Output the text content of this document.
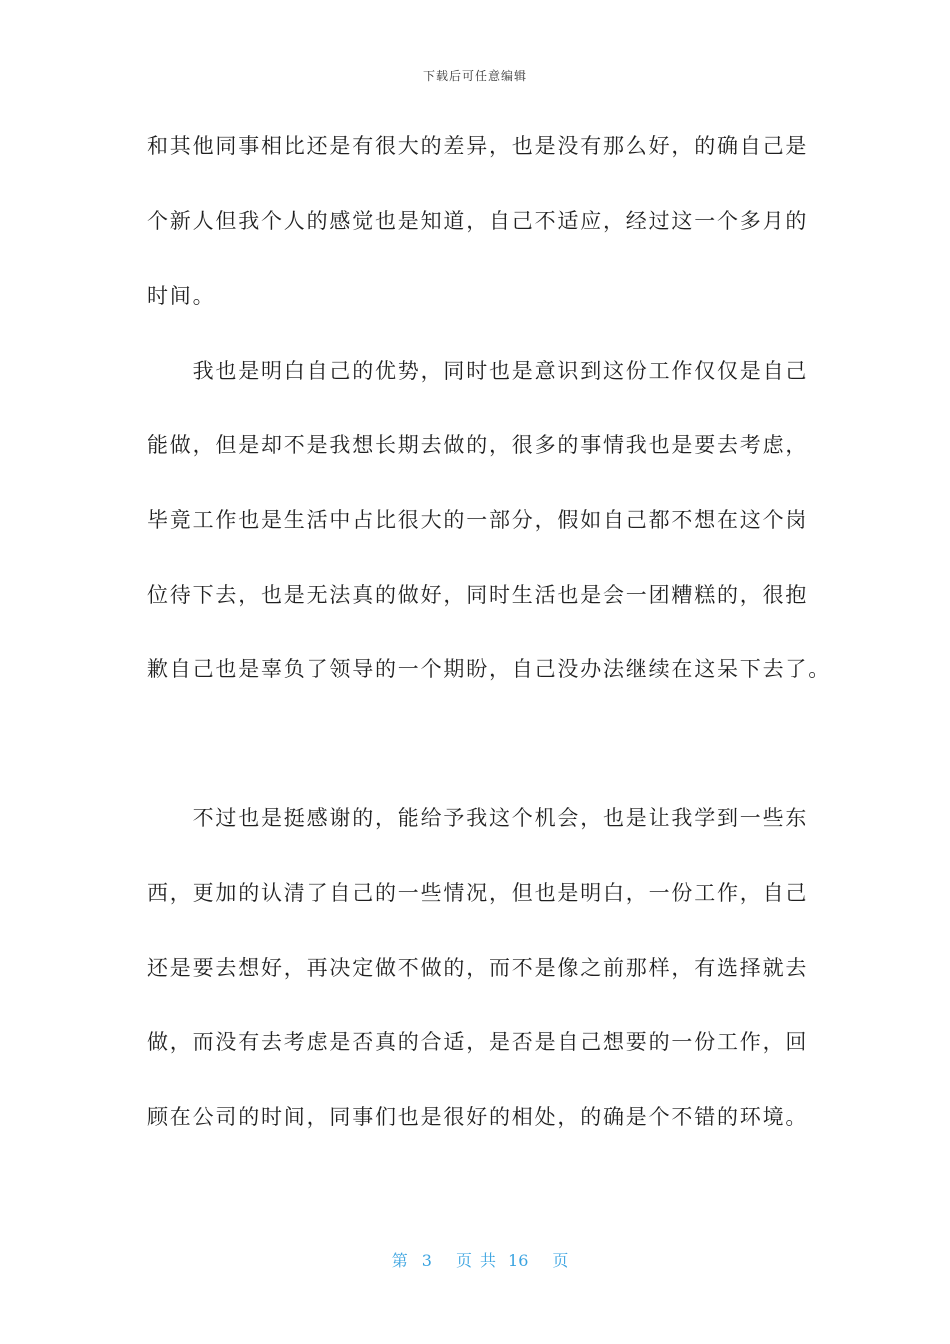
下载后可任意编辑
和其他同事相比还是有很大的差异，也是没有那么好，的确自己是
个新人但我个人的感觉也是知道，自己不适应，经过这一个多月的
时间。
　　我也是明白自己的优势，同时也是意识到这份工作仅仅是自己
能做，但是却不是我想长期去做的，很多的事情我也是要去考虑，
毕竟工作也是生活中占比很大的一部分，假如自己都不想在这个岗
位待下去，也是无法真的做好，同时生活也是会一团糟糕的，很抱
歉自己也是辜负了领导的一个期盼，自己没办法继续在这呆下去了。
　　不过也是挺感谢的，能给予我这个机会，也是让我学到一些东
西，更加的认清了自己的一些情况，但也是明白，一份工作，自己
还是要去想好，再决定做不做的，而不是像之前那样，有选择就去
做，而没有去考虑是否真的合适，是否是自己想要的一份工作，回
顾在公司的时间，同事们也是很好的相处，的确是个不错的环境。

第 3 页 共 16 页
